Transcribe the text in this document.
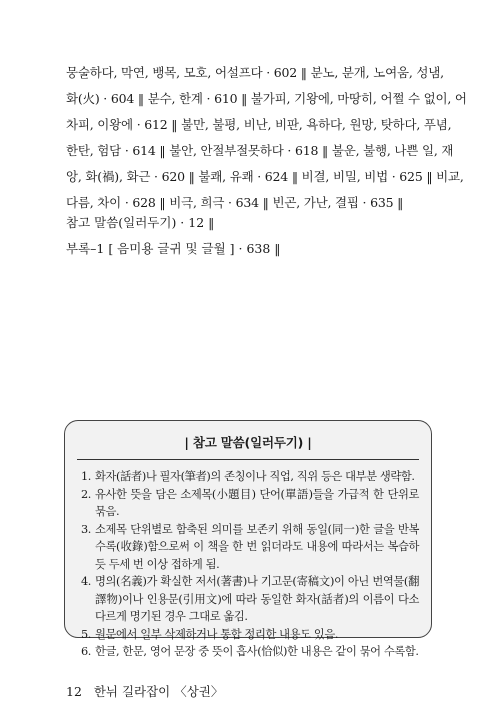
뭉술하다, 막연, 뱅목, 모호, 어설프다 · 602 ‖ 분노, 분개, 노여움, 성냄,
화(火) · 604 ‖ 분수, 한계 · 610 ‖ 불가피, 기왕에, 마땅히, 어쩔 수 없이, 어
차피, 이왕에 · 612 ‖ 불만, 불평, 비난, 비판, 욕하다, 원망, 탓하다, 푸념,
한탄, 험담 · 614 ‖ 불안, 안절부절못하다 · 618 ‖ 불운, 불행, 나쁜 일, 재
앙, 화(禍), 화근 · 620 ‖ 불쾌, 유쾌 · 624 ‖ 비결, 비밀, 비법 · 625 ‖ 비교,
다름, 차이 · 628 ‖ 비극, 희극 · 634 ‖ 빈곤, 가난, 결핍 · 635 ‖
참고 말씀(일러두기) · 12 ‖
부록–1 [ 음미용 글귀 및 글월 ] · 638 ‖
| 참고 말씀(일러두기) |
1. 화자(話者)나 필자(筆者)의 존칭이나 직업, 직위 등은 대부분 생략함.
2. 유사한 뜻을 담은 소제목(小題目) 단어(單語)들을 가급적 한 단위로 묶음.
3. 소제목 단위별로 함축된 의미를 보존키 위해 동일(同一)한 글을 반복 수록(收錄)함으로써 이 책을 한 번 읽더라도 내용에 따라서는 복습하듯 두세 번 이상 접하게 됨.
4. 명의(名義)가 확실한 저서(著書)나 기고문(寄稿文)이 아닌 번역물(翻譯物)이나 인용문(引用文)에 따라 동일한 화자(話者)의 이름이 다소 다르게 명기된 경우 그대로 옮김.
5. 원문에서 일부 삭제하거나 통합 정리한 내용도 있음.
6. 한글, 한문, 영어 문장 중 뜻이 흡사(恰似)한 내용은 같이 묶어 수록함.
12 한뉘 길라잡이 〈상권〉
